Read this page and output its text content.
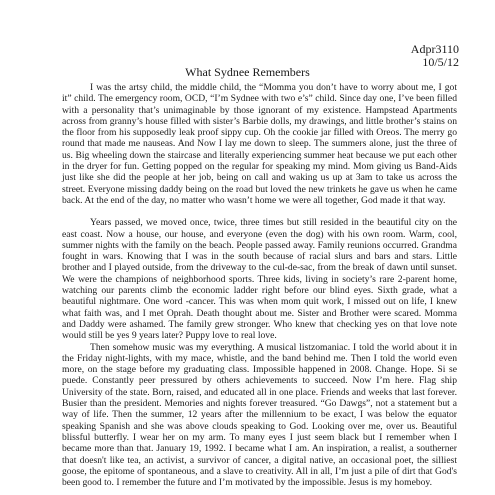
Adpr3110
10/5/12
What Sydnee Remembers

I was the artsy child, the middle child, the “Momma you don’t have to worry about me, I got it” child. The emergency room, OCD, “I’m Sydnee with two e’s” child. Since day one, I’ve been filled with a personality that’s unimaginable by those ignorant of my existence. Hampstead Apartments across from granny’s house filled with sister’s Barbie dolls, my drawings, and little brother’s stains on the floor from his supposedly leak proof sippy cup. Oh the cookie jar filled with Oreos. The merry go round that made me nauseas. And Now I lay me down to sleep. The summers alone, just the three of us. Big wheeling down the staircase and literally experiencing summer heat because we put each other in the dryer for fun. Getting popped on the regular for speaking my mind. Mom giving us Band-Aids just like she did the people at her job, being on call and waking us up at 3am to take us across the street. Everyone missing daddy being on the road but loved the new trinkets he gave us when he came back. At the end of the day, no matter who wasn’t home we were all together, God made it that way.

Years passed, we moved once, twice, three times but still resided in the beautiful city on the east coast. Now a house, our house, and everyone (even the dog) with his own room. Warm, cool, summer nights with the family on the beach. People passed away. Family reunions occurred. Grandma fought in wars. Knowing that I was in the south because of racial slurs and bars and stars. Little brother and I played outside, from the driveway to the cul-de-sac, from the break of dawn until sunset. We were the champions of neighborhood sports. Three kids, living in society’s rare 2-parent home, watching our parents climb the economic ladder right before our blind eyes. Sixth grade, what a beautiful nightmare. One word -cancer. This was when mom quit work, I missed out on life, I knew what faith was, and I met Oprah. Death thought about me. Sister and Brother were scared. Momma and Daddy were ashamed. The family grew stronger. Who knew that checking yes on that love note would still be yes 9 years later? Puppy love to real love.

Then somehow music was my everything. A musical listzomaniac. I told the world about it in the Friday night-lights, with my mace, whistle, and the band behind me. Then I told the world even more, on the stage before my graduating class. Impossible happened in 2008. Change. Hope. Si se puede. Constantly peer pressured by others achievements to succeed. Now I’m here. Flag ship University of the state. Born, raised, and educated all in one place. Friends and weeks that last forever. Busier than the president. Memories and nights forever treasured. “Go Dawgs”, not a statement but a way of life. Then the summer, 12 years after the millennium to be exact, I was below the equator speaking Spanish and she was above clouds speaking to God. Looking over me, over us. Beautiful blissful butterfly. I wear her on my arm. To many eyes I just seem black but I remember when I became more than that. January 19, 1992. I became what I am. An inspiration, a realist, a southerner that doesn't like tea, an activist, a survivor of cancer, a digital native, an occasional poet, the silliest goose, the epitome of spontaneous, and a slave to creativity. All in all, I’m just a pile of dirt that God's been good to. I remember the future and I’m motivated by the impossible. Jesus is my homeboy.
